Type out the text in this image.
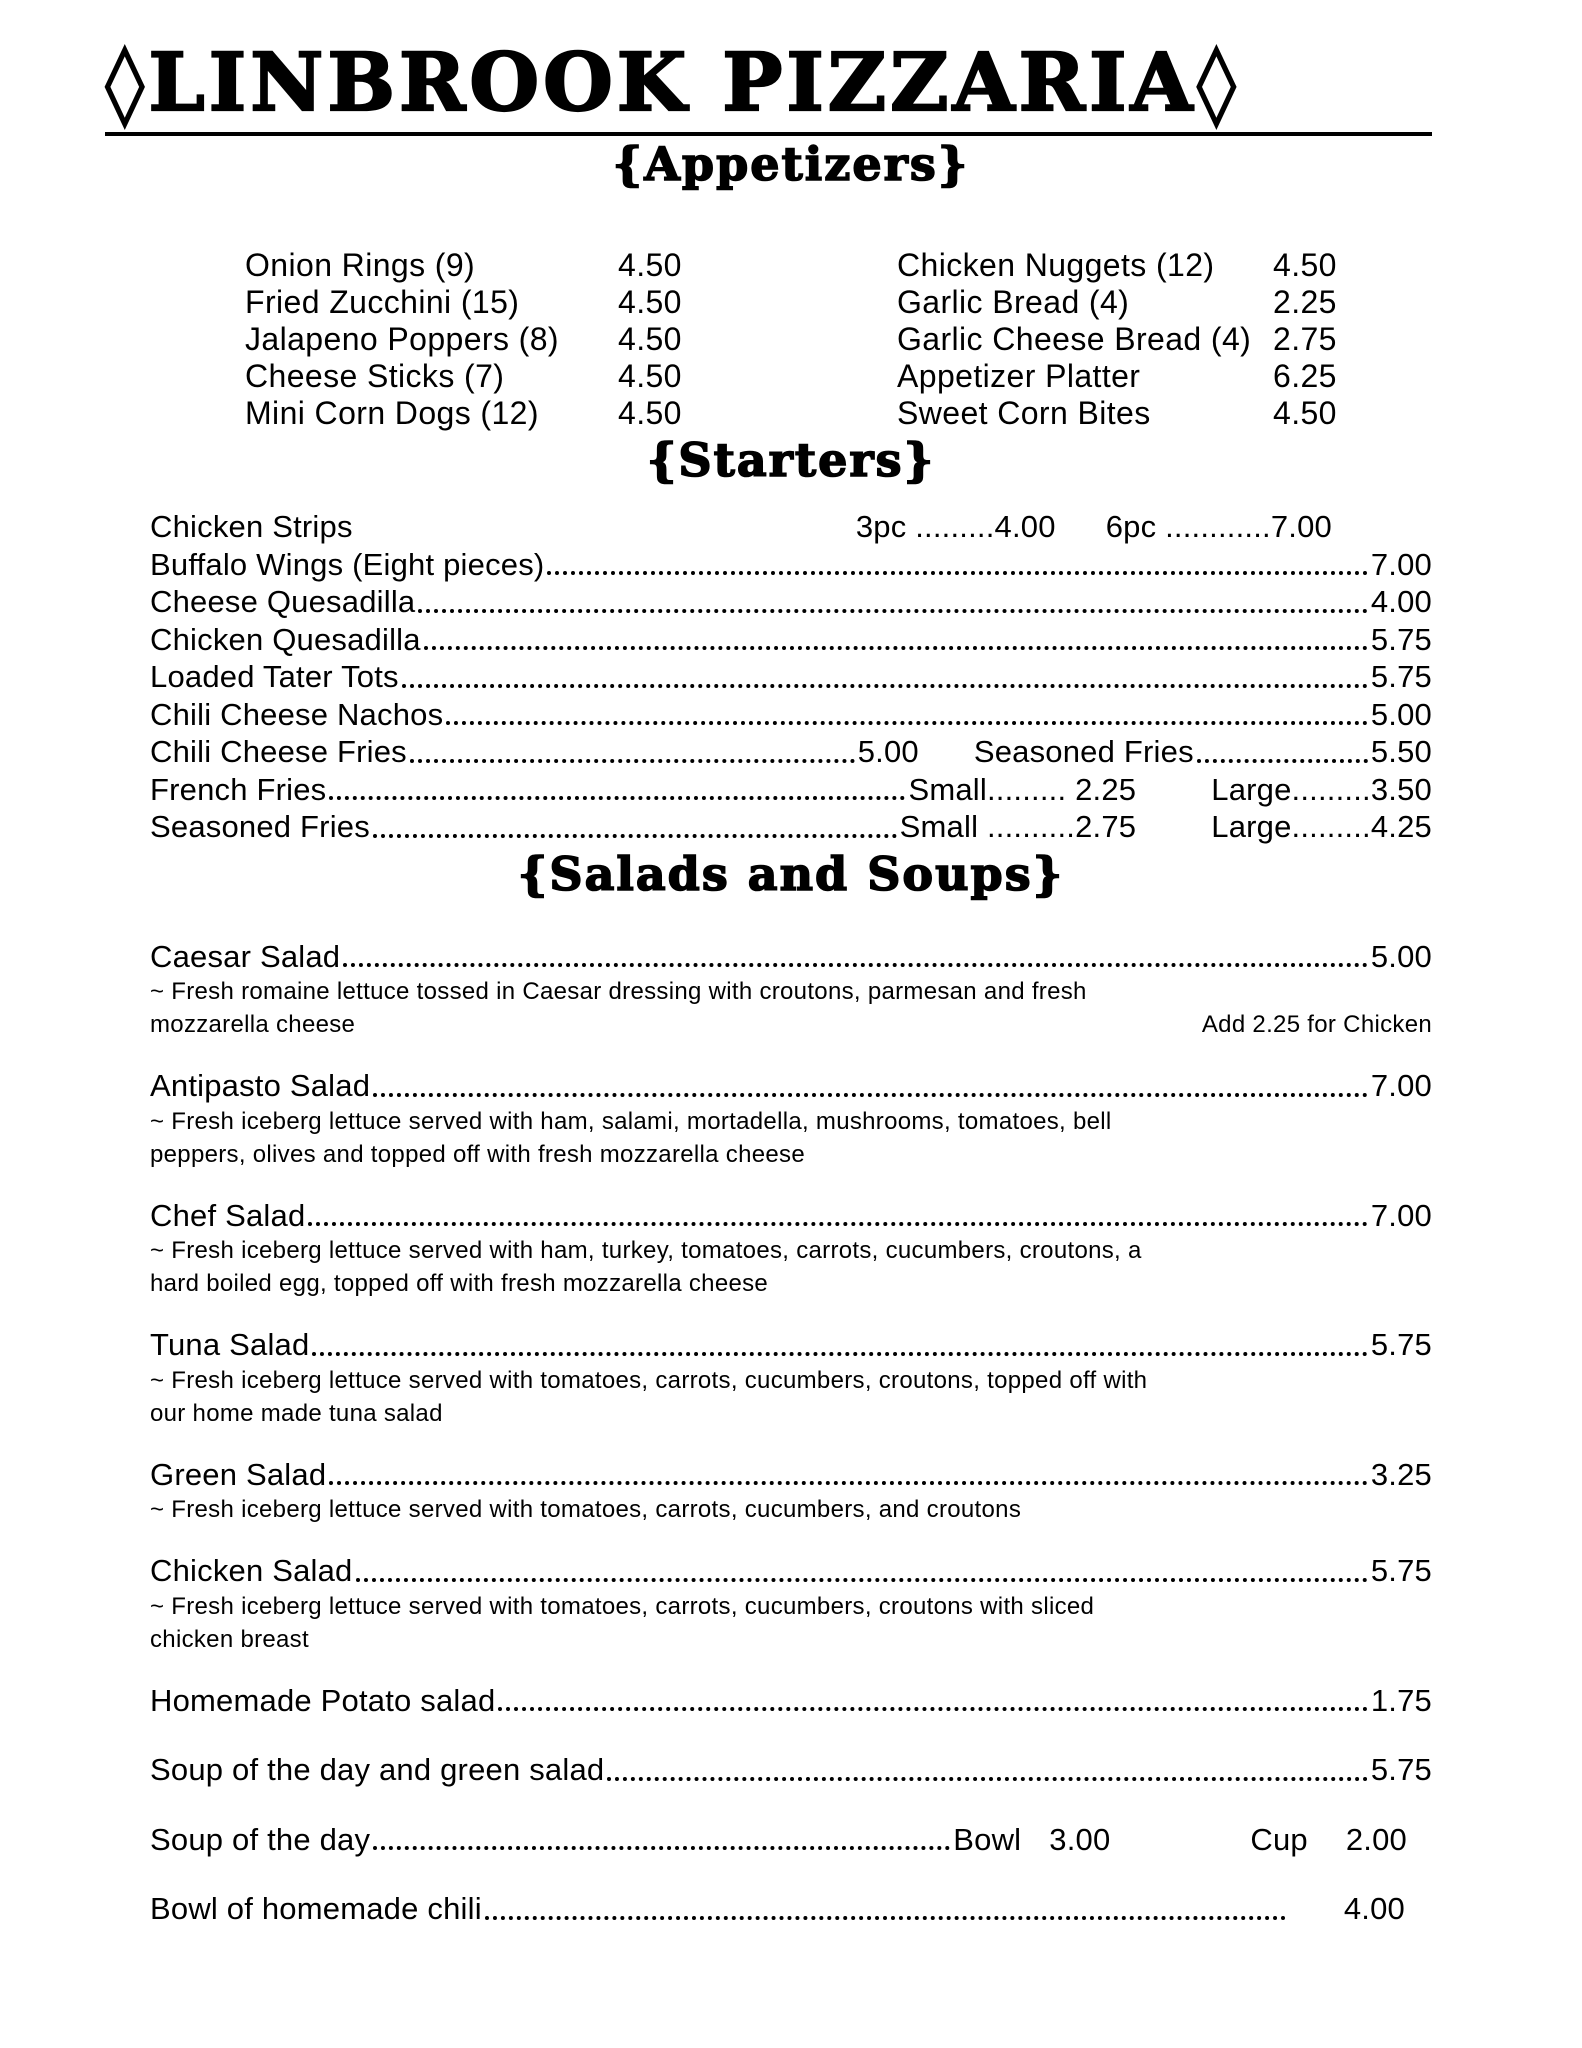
◊LINBROOK PIZZARIA◊
{Appetizers}
Onion Rings (9)	4.50
Fried Zucchini (15)	4.50
Jalapeno Poppers (8)	4.50
Cheese Sticks (7)	4.50
Mini Corn Dogs (12)	4.50
Chicken Nuggets (12)	4.50
Garlic Bread (4)	2.25
Garlic Cheese Bread (4) 2.75
Appetizer Platter	6.25
Sweet Corn Bites	4.50
{Starters}
Chicken Strips	3pc .........4.00 6pc ............7.00
Buffalo Wings (Eight pieces)	7.00
Cheese Quesadilla	4.00
Chicken Quesadilla	5.75
Loaded Tater Tots	5.75
Chili Cheese Nachos	5.00
Chili Cheese Fries	5.00 Seasoned Fries	5.50
French Fries	Small......... 2.25 Large.........3.50
Seasoned Fries	Small ..........2.75 Large.........4.25
{Salads and Soups}
Caesar Salad	5.00
~ Fresh romaine lettuce tossed in Caesar dressing with croutons, parmesan and fresh
mozzarella cheese	Add 2.25 for Chicken
Antipasto Salad	7.00
~ Fresh iceberg lettuce served with ham, salami, mortadella, mushrooms, tomatoes, bell
peppers, olives and topped off with fresh mozzarella cheese
Chef Salad	7.00
~ Fresh iceberg lettuce served with ham, turkey, tomatoes, carrots, cucumbers, croutons, a
hard boiled egg, topped off with fresh mozzarella cheese
Tuna Salad	5.75
~ Fresh iceberg lettuce served with tomatoes, carrots, cucumbers, croutons, topped off with
our home made tuna salad
Green Salad	3.25
~ Fresh iceberg lettuce served with tomatoes, carrots, cucumbers, and croutons
Chicken Salad	5.75
~ Fresh iceberg lettuce served with tomatoes, carrots, cucumbers, croutons with sliced
chicken breast
Homemade Potato salad	1.75
Soup of the day and green salad	5.75
Soup of the day	Bowl 3.00	Cup 2.00
Bowl of homemade chili	4.00
